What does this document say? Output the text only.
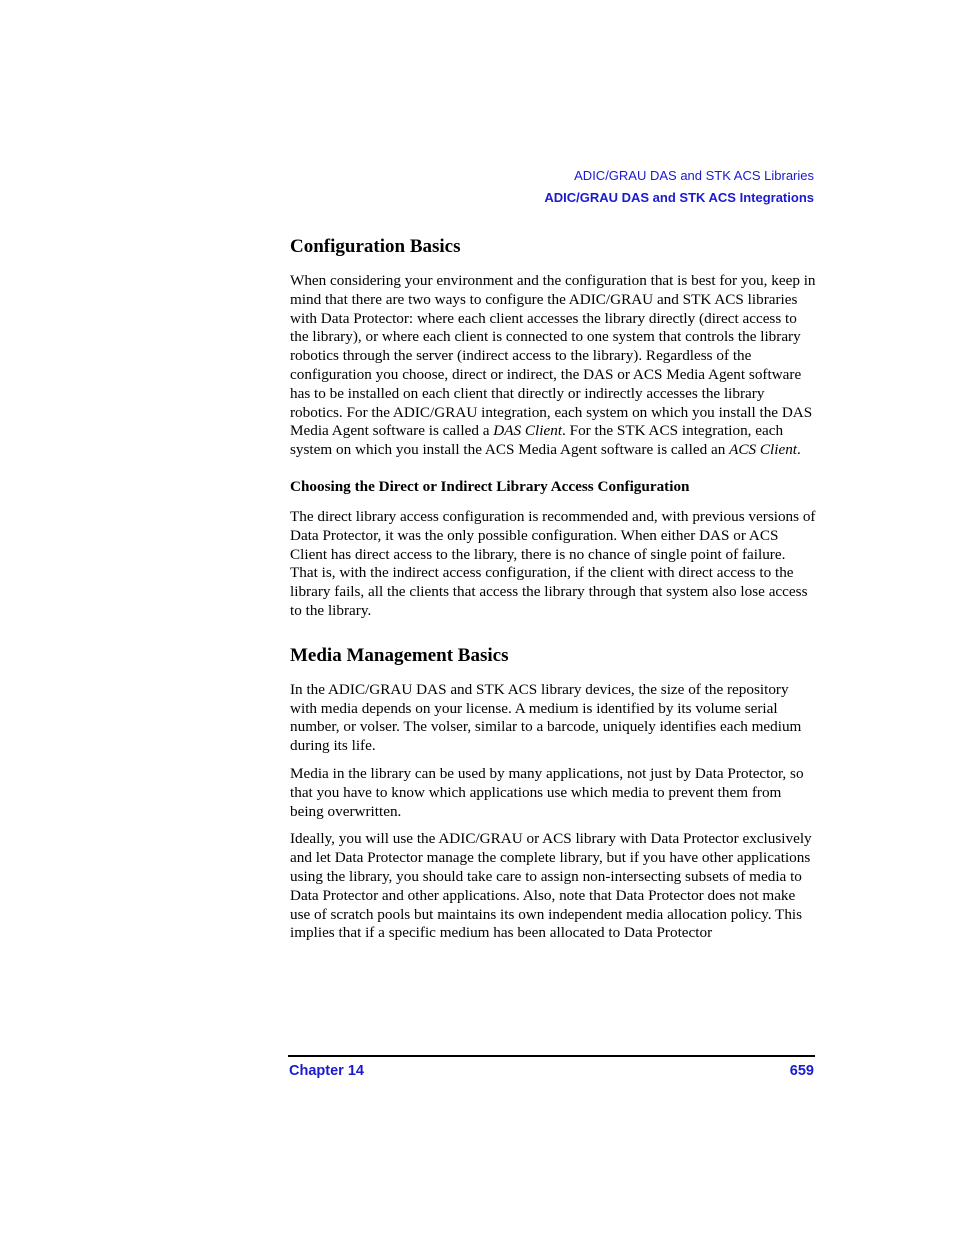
ADIC/GRAU DAS and STK ACS Libraries
ADIC/GRAU DAS and STK ACS Integrations
Configuration Basics

When considering your environment and the configuration that is best for you, keep in mind that there are two ways to configure the ADIC/GRAU and STK ACS libraries with Data Protector: where each client accesses the library directly (direct access to the library), or where each client is connected to one system that controls the library robotics through the server (indirect access to the library). Regardless of the configuration you choose, direct or indirect, the DAS or ACS Media Agent software has to be installed on each client that directly or indirectly accesses the library robotics. For the ADIC/GRAU integration, each system on which you install the DAS Media Agent software is called a DAS Client. For the STK ACS integration, each system on which you install the ACS Media Agent software is called an ACS Client.

Choosing the Direct or Indirect Library Access Configuration

The direct library access configuration is recommended and, with previous versions of Data Protector, it was the only possible configuration. When either DAS or ACS Client has direct access to the library, there is no chance of single point of failure. That is, with the indirect access configuration, if the client with direct access to the library fails, all the clients that access the library through that system also lose access to the library.

Media Management Basics

In the ADIC/GRAU DAS and STK ACS library devices, the size of the repository with media depends on your license. A medium is identified by its volume serial number, or volser. The volser, similar to a barcode, uniquely identifies each medium during its life.

Media in the library can be used by many applications, not just by Data Protector, so that you have to know which applications use which media to prevent them from being overwritten.

Ideally, you will use the ADIC/GRAU or ACS library with Data Protector exclusively and let Data Protector manage the complete library, but if you have other applications using the library, you should take care to assign non-intersecting subsets of media to Data Protector and other applications. Also, note that Data Protector does not make use of scratch pools but maintains its own independent media allocation policy. This implies that if a specific medium has been allocated to Data Protector

Chapter 14	659
